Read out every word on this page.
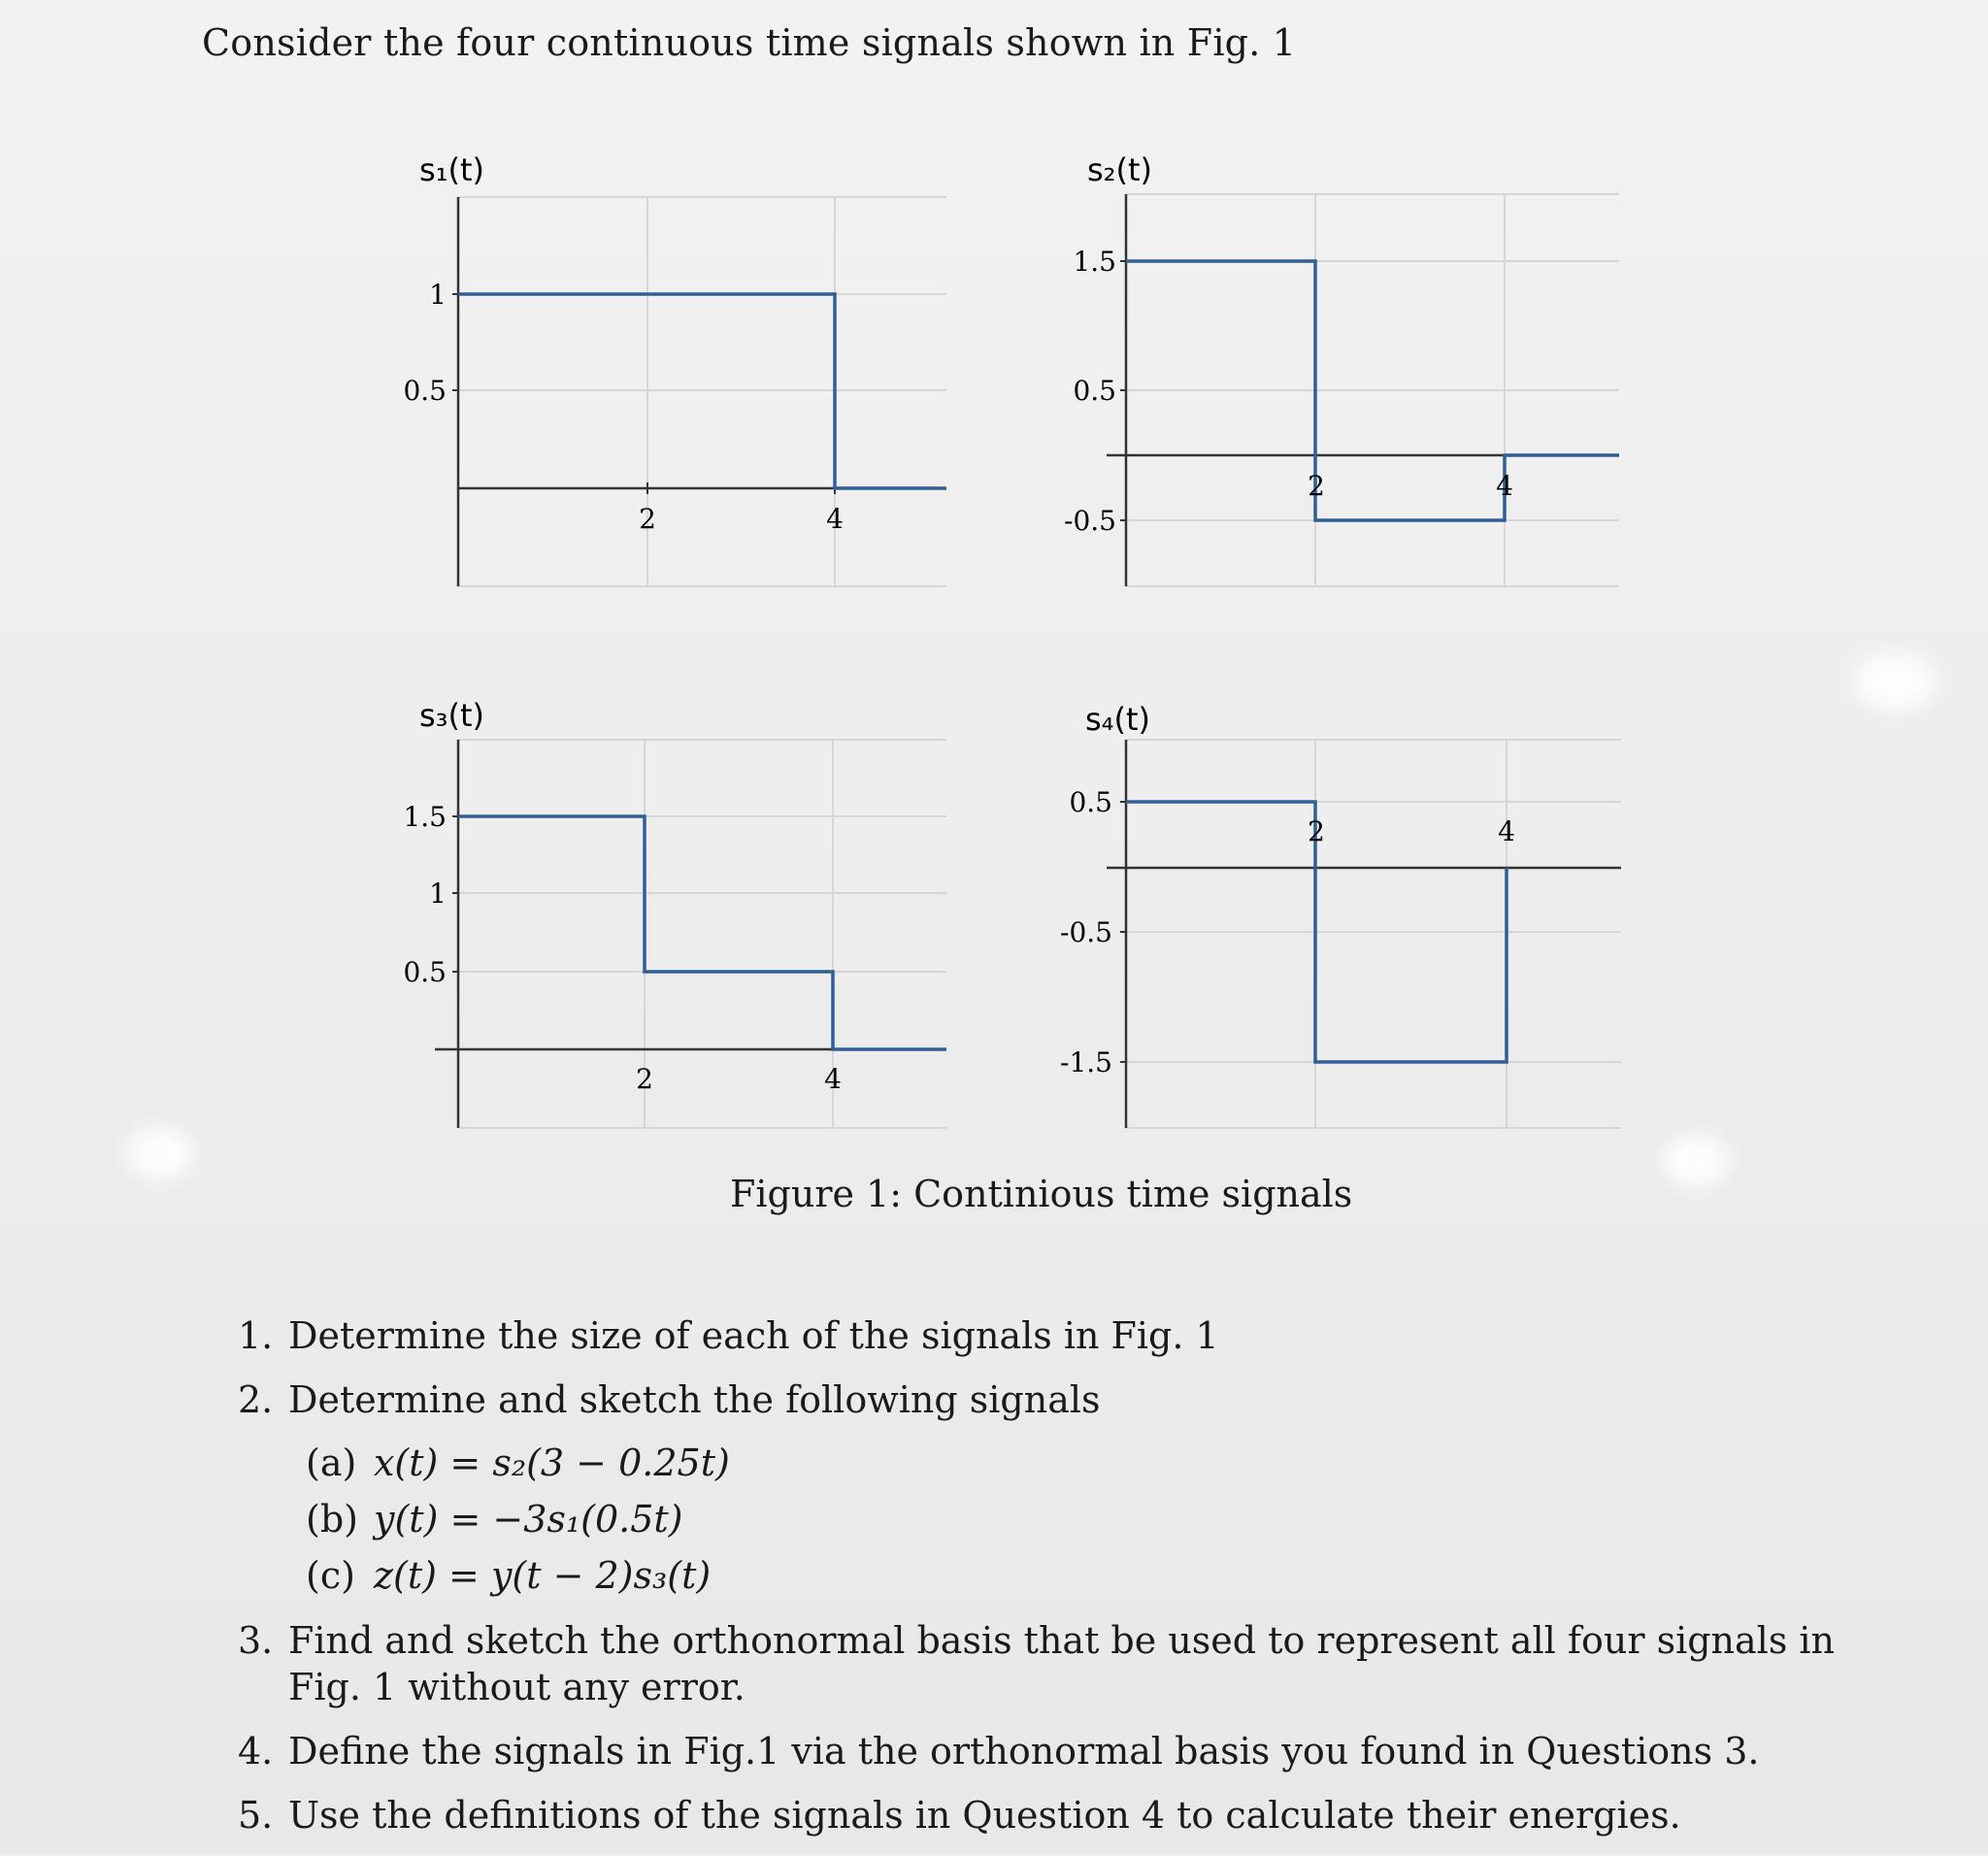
Consider the four continuous time signals shown in Fig. 1
s₁(t)
1
0.5
2	4
s₂(t)
1.5
0.5
-0.5
2	4
s₃(t)
1.5
1
0.5
2	4
s₄(t)
0.5
-0.5
-1.5
2	4
Figure 1: Continious time signals
1. Determine the size of each of the signals in Fig. 1
2. Determine and sketch the following signals
(a) x(t) = s₂(3 − 0.25t)
(b) y(t) = −3s₁(0.5t)
(c) z(t) = y(t − 2)s₃(t)
3. Find and sketch the orthonormal basis that be used to represent all four signals in Fig. 1 without any error.
4. Define the signals in Fig.1 via the orthonormal basis you found in Questions 3.
5. Use the definitions of the signals in Question 4 to calculate their energies.
